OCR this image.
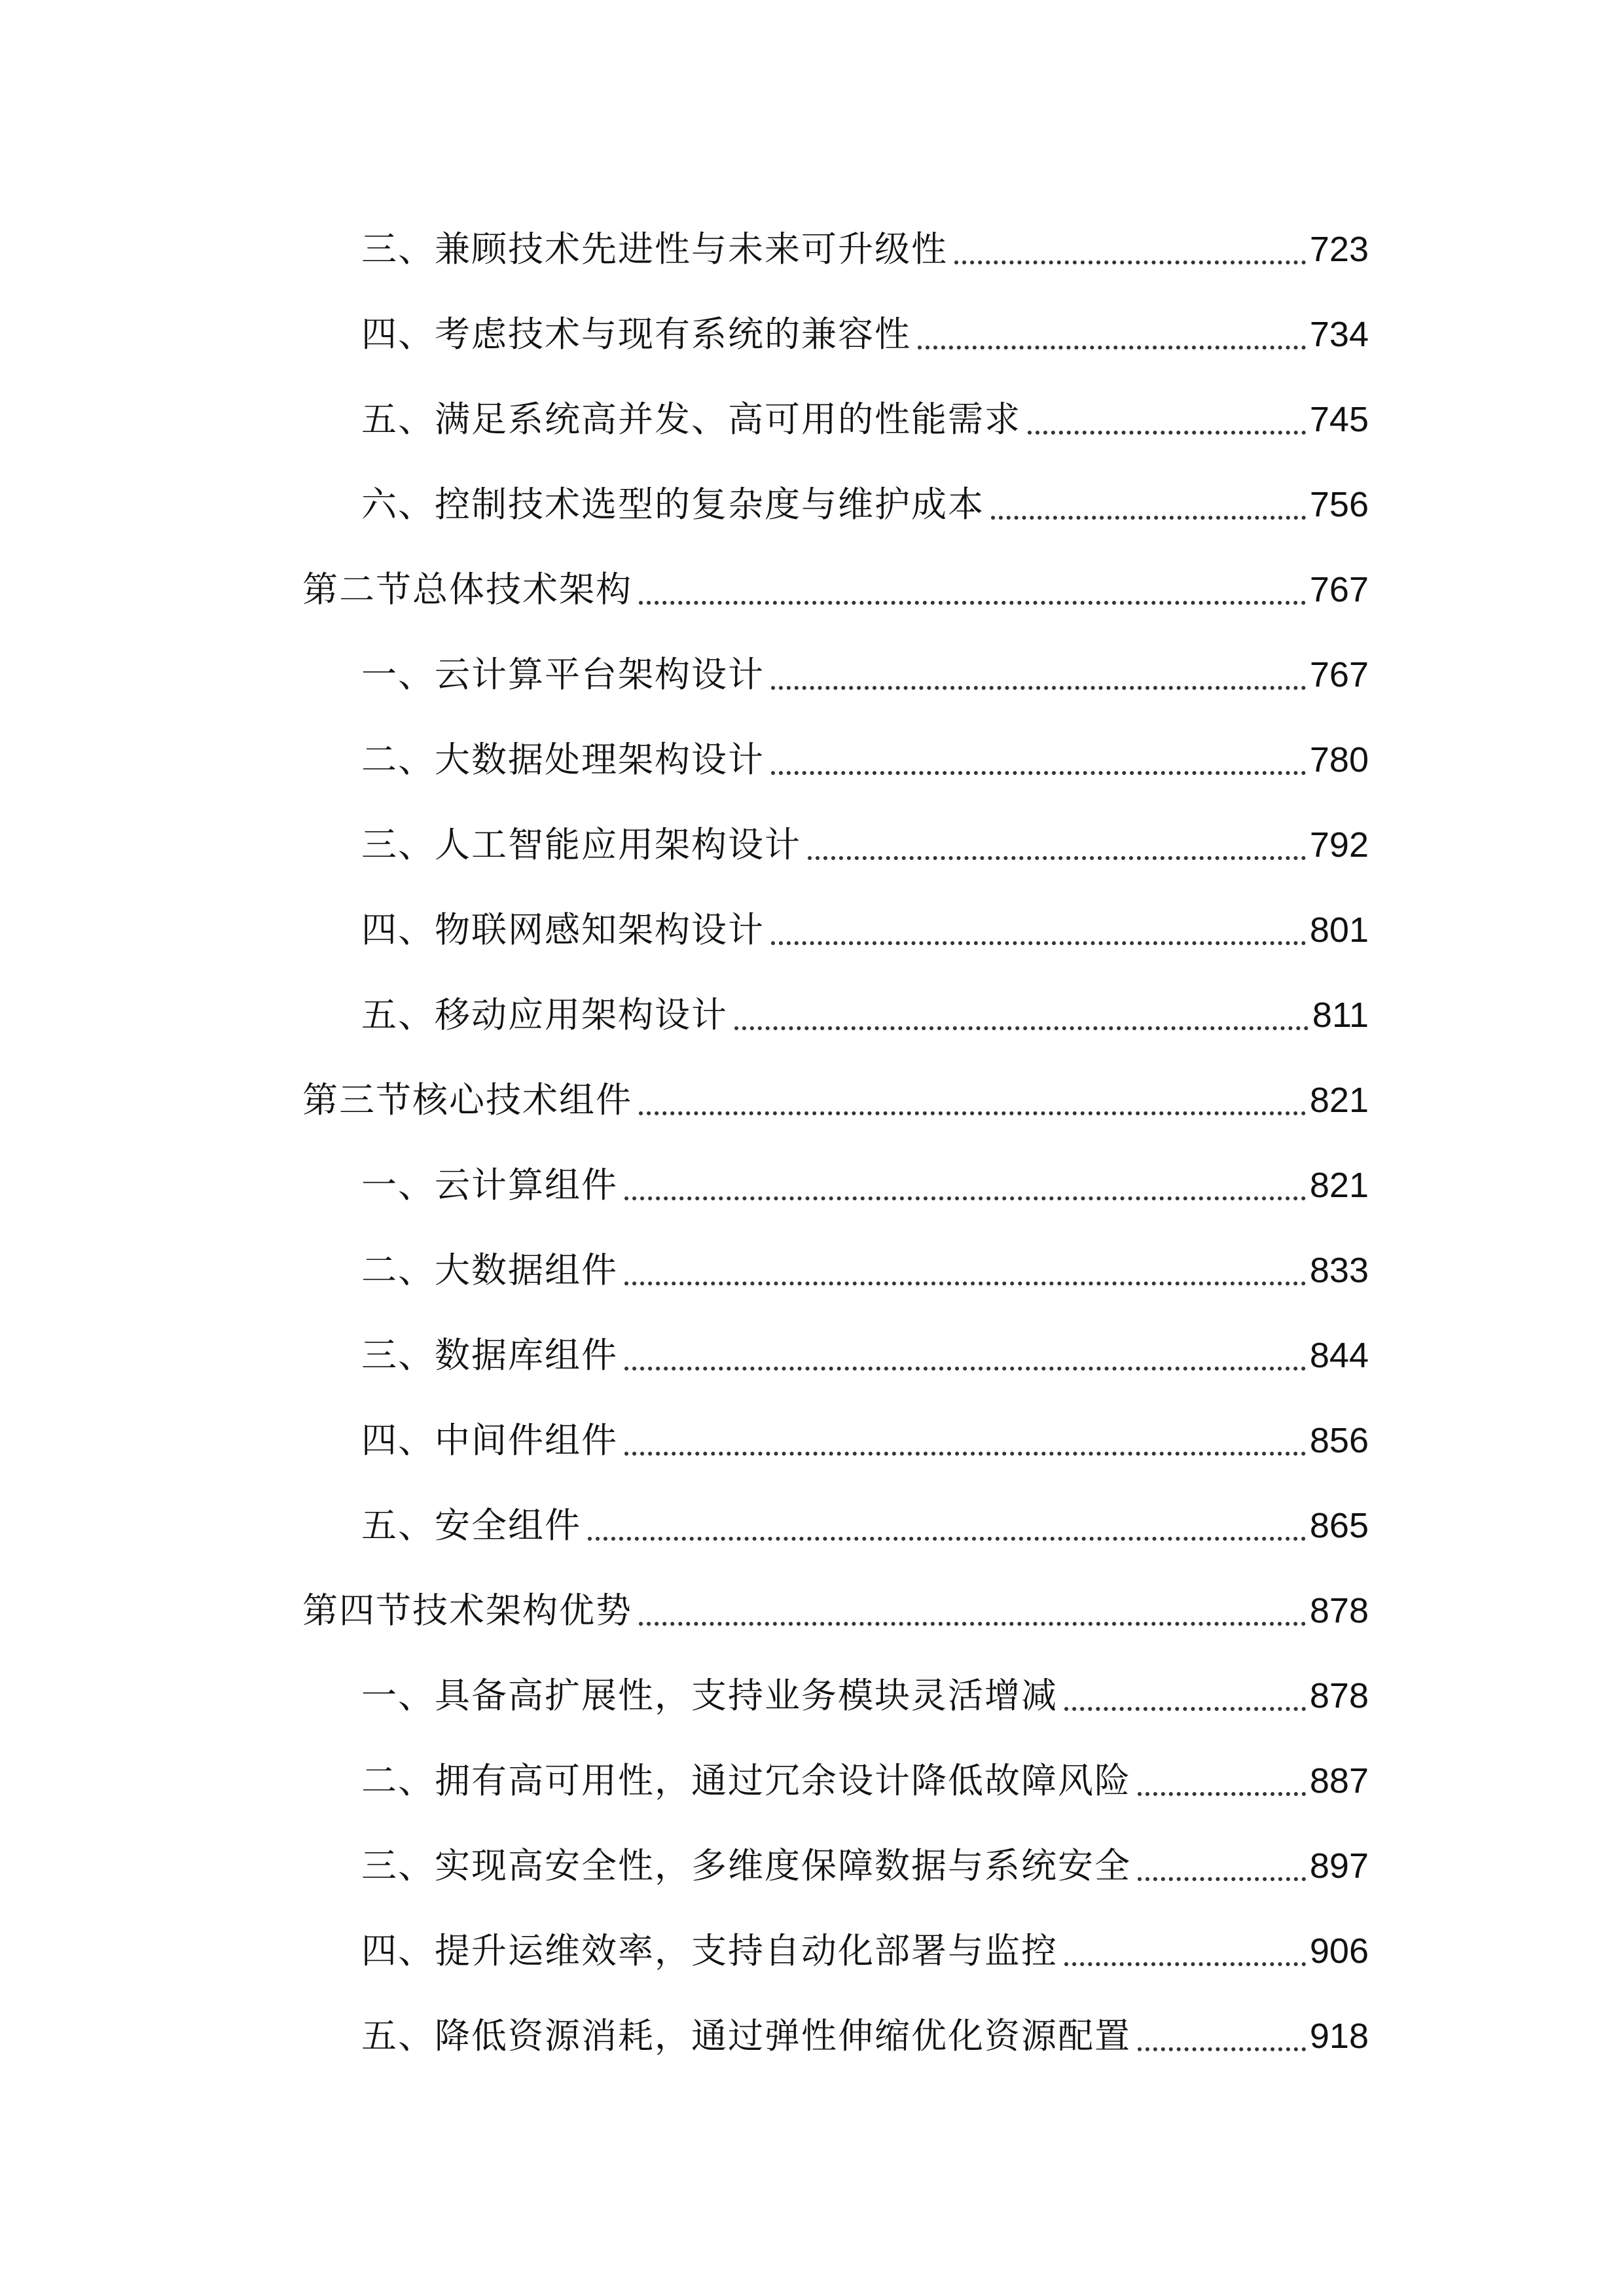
三、兼顾技术先进性与未来可升级性	723
四、考虑技术与现有系统的兼容性	734
五、满足系统高并发、高可用的性能需求	745
六、控制技术选型的复杂度与维护成本	756
第二节总体技术架构	767
一、云计算平台架构设计	767
二、大数据处理架构设计	780
三、人工智能应用架构设计	792
四、物联网感知架构设计	801
五、移动应用架构设计	811
第三节核心技术组件	821
一、云计算组件	821
二、大数据组件	833
三、数据库组件	844
四、中间件组件	856
五、安全组件	865
第四节技术架构优势	878
一、具备高扩展性，支持业务模块灵活增减	878
二、拥有高可用性，通过冗余设计降低故障风险	887
三、实现高安全性，多维度保障数据与系统安全	897
四、提升运维效率，支持自动化部署与监控	906
五、降低资源消耗，通过弹性伸缩优化资源配置	918
